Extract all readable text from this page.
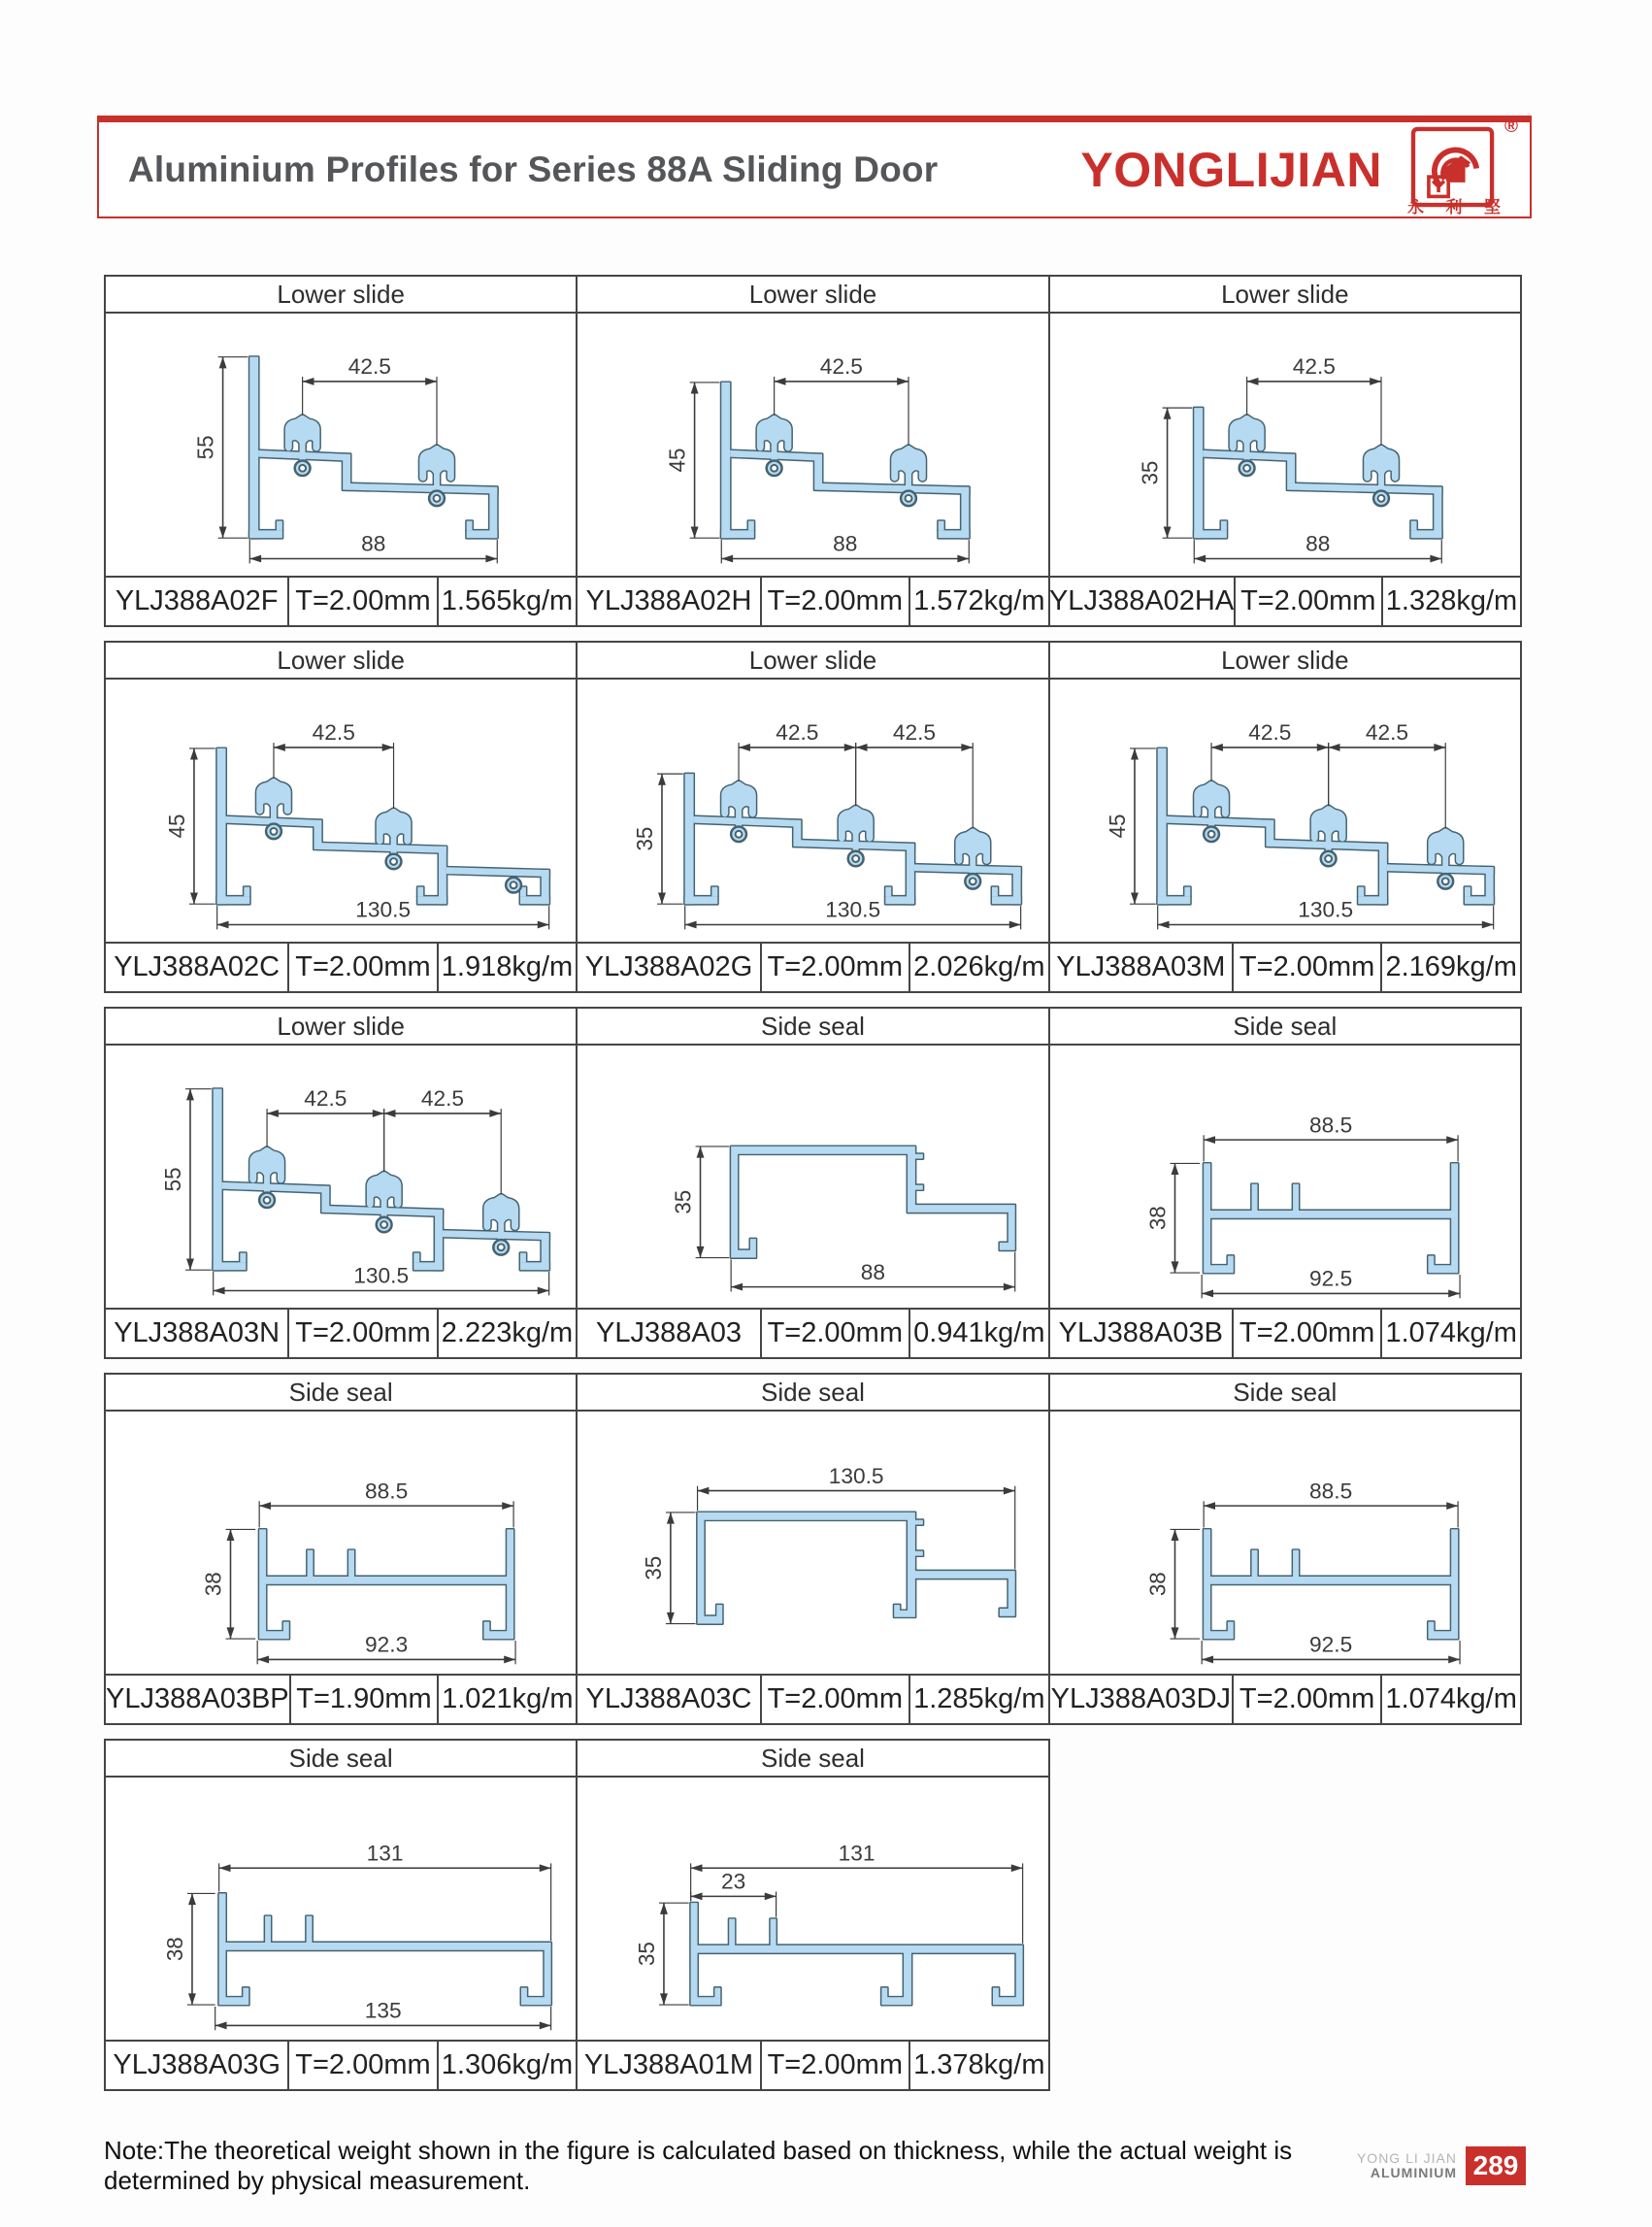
Aluminium Profiles for Series 88A Sliding Door	YONGLIJIAN
®
永 利 堅
Lower slide
42.5
55
88
YLJ388A02F T=2.00mm 1.565kg/m
Lower slide
42.5
45
88
YLJ388A02H T=2.00mm 1.572kg/m
Lower slide
42.5
35
88
YLJ388A02HA T=2.00mm 1.328kg/m
Lower slide
42.5
45
130.5
YLJ388A02C T=2.00mm 1.918kg/m
Lower slide
42.5	42.5
35
130.5
YLJ388A02G T=2.00mm 2.026kg/m
Lower slide
42.5	42.5
45
130.5
YLJ388A03M T=2.00mm 2.169kg/m
Lower slide
42.5	42.5
55
130.5
YLJ388A03N T=2.00mm 2.223kg/m
Side seal
35
88
YLJ388A03 T=2.00mm 0.941kg/m
Side seal
88.5
38
92.5
YLJ388A03B T=2.00mm 1.074kg/m
Side seal
88.5
38
92.3
YLJ388A03BP T=1.90mm 1.021kg/m
Side seal
130.5
35
YLJ388A03C T=2.00mm 1.285kg/m
Side seal
88.5
38
92.5
YLJ388A03DJ T=2.00mm 1.074kg/m
Side seal
131
38
135
YLJ388A03G T=2.00mm 1.306kg/m
Side seal
131
23
35
YLJ388A01M T=2.00mm 1.378kg/m

Note:The theoretical weight shown in the figure is calculated based on thickness, while the actual weight is determined by physical measurement.

YONG LI JIAN
ALUMINIUM 289
